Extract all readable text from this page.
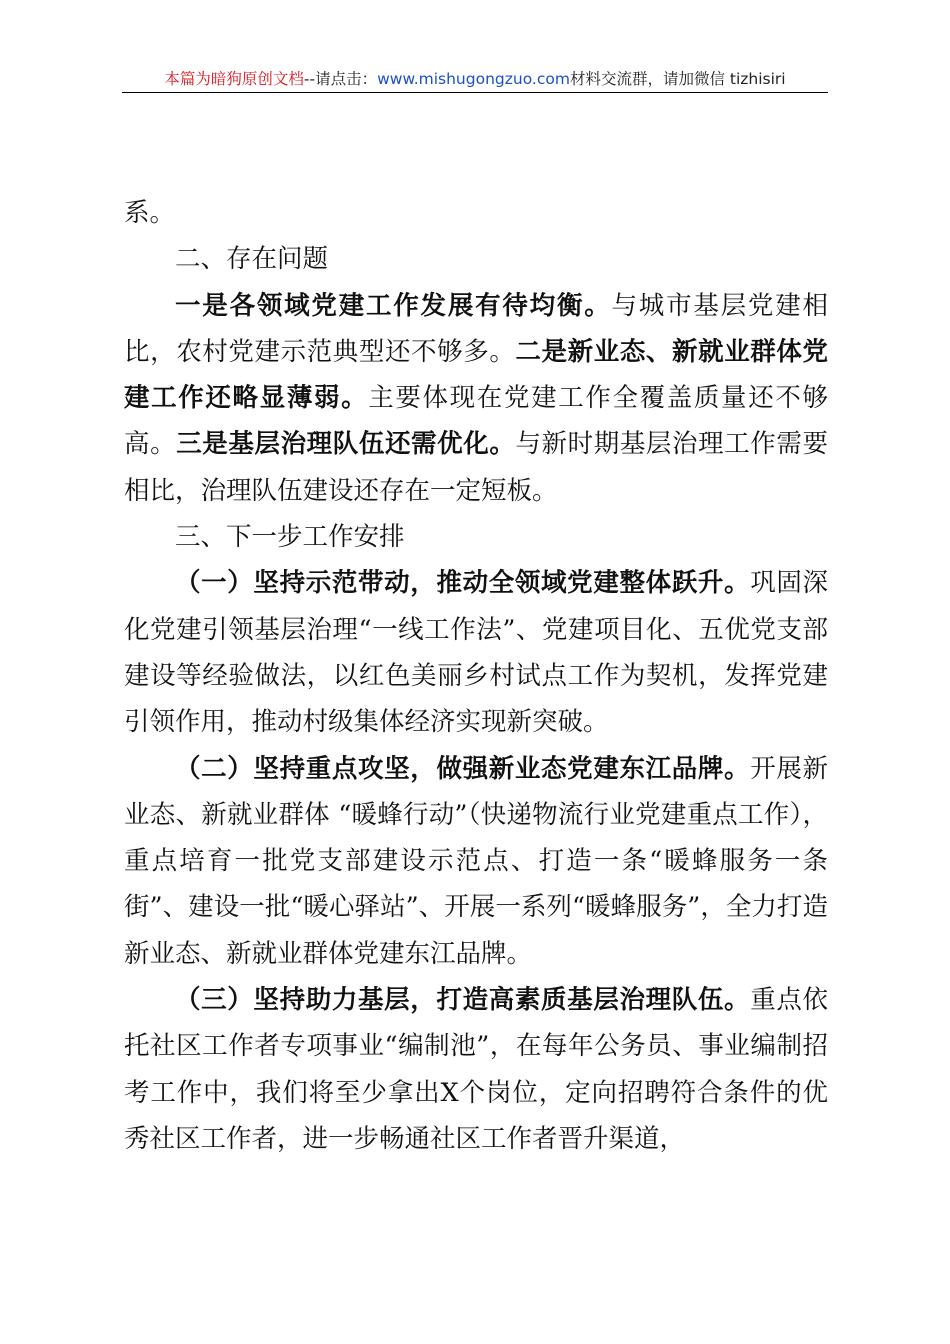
本篇为暗狗原创文档--请点击：www.mishugongzuo.com材料交流群，请加微信 tizhisiri

系。

二、存在问题

一是各领域党建工作发展有待均衡。与城市基层党建相比，农村党建示范典型还不够多。二是新业态、新就业群体党建工作还略显薄弱。主要体现在党建工作全覆盖质量还不够高。三是基层治理队伍还需优化。与新时期基层治理工作需要相比，治理队伍建设还存在一定短板。

三、下一步工作安排

（一）坚持示范带动，推动全领域党建整体跃升。巩固深化党建引领基层治理“一线工作法”、党建项目化、五优党支部建设等经验做法，以红色美丽乡村试点工作为契机，发挥党建引领作用，推动村级集体经济实现新突破。

（二）坚持重点攻坚，做强新业态党建东江品牌。开展新业态、新就业群体 “暖蜂行动”（快递物流行业党建重点工作），重点培育一批党支部建设示范点、打造一条“暖蜂服务一条街”、建设一批“暖心驿站”、开展一系列“暖蜂服务”，全力打造新业态、新就业群体党建东江品牌。

（三）坚持助力基层，打造高素质基层治理队伍。重点依托社区工作者专项事业“编制池”，在每年公务员、事业编制招考工作中，我们将至少拿出X个岗位，定向招聘符合条件的优秀社区工作者，进一步畅通社区工作者晋升渠道，
